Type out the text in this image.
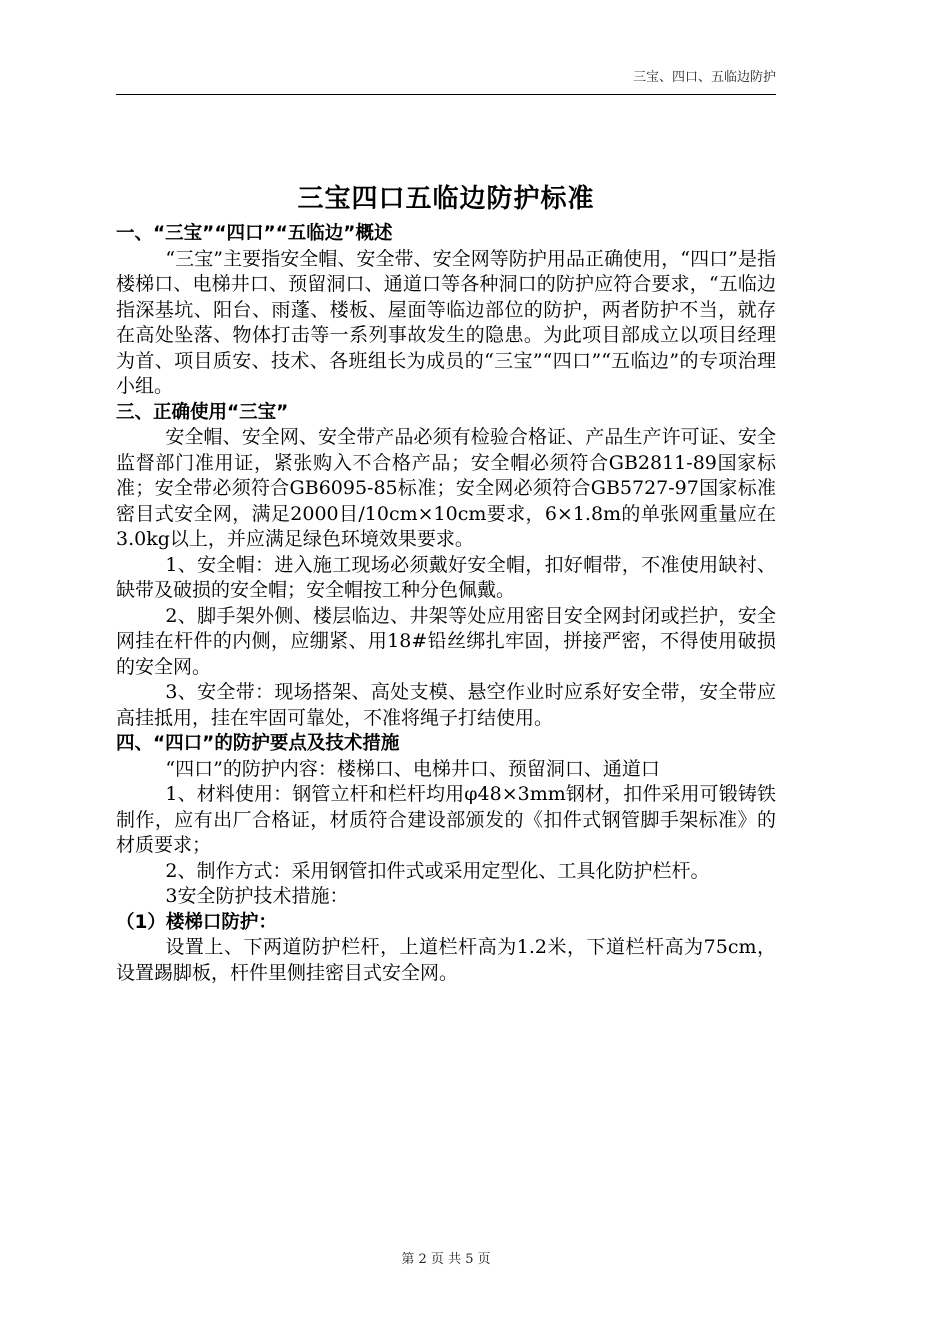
三宝、四口、五临边防护
三宝四口五临边防护标准

一、“三宝”“四口”“五临边”概述

“三宝”主要指安全帽、安全带、安全网等防护用品正确使用，“四口”是指楼梯口、电梯井口、预留洞口、通道口等各种洞口的防护应符合要求，“五临边指深基坑、阳台、雨蓬、楼板、屋面等临边部位的防护，两者防护不当，就存在高处坠落、物体打击等一系列事故发生的隐患。为此项目部成立以项目经理为首、项目质安、技术、各班组长为成员的“三宝”“四口”“五临边”的专项治理小组。

三、正确使用“三宝”

安全帽、安全网、安全带产品必须有检验合格证、产品生产许可证、安全监督部门准用证，紧张购入不合格产品；安全帽必须符合GB2811-89国家标准；安全带必须符合GB6095-85标准；安全网必须符合GB5727-97国家标准密目式安全网，满足2000目/10cm×10cm要求，6×1.8m的单张网重量应在3.0kg以上，并应满足绿色环境效果要求。

1、安全帽：进入施工现场必须戴好安全帽，扣好帽带，不准使用缺衬、缺带及破损的安全帽；安全帽按工种分色佩戴。

2、脚手架外侧、楼层临边、井架等处应用密目安全网封闭或拦护，安全网挂在杆件的内侧，应绷紧、用18#铅丝绑扎牢固，拼接严密，不得使用破损的安全网。

3、安全带：现场搭架、高处支模、悬空作业时应系好安全带，安全带应高挂抵用，挂在牢固可靠处，不准将绳子打结使用。

四、“四口”的防护要点及技术措施

“四口”的防护内容：楼梯口、电梯井口、预留洞口、通道口

1、材料使用：钢管立杆和栏杆均用φ48×3mm钢材，扣件采用可锻铸铁制作，应有出厂合格证，材质符合建设部颁发的《扣件式钢管脚手架标准》的材质要求；

2、制作方式：采用钢管扣件式或采用定型化、工具化防护栏杆。

3安全防护技术措施：

（1）楼梯口防护：

设置上、下两道防护栏杆，上道栏杆高为1.2米，下道栏杆高为75cm，设置踢脚板，杆件里侧挂密目式安全网。

第 2 页 共 5 页
